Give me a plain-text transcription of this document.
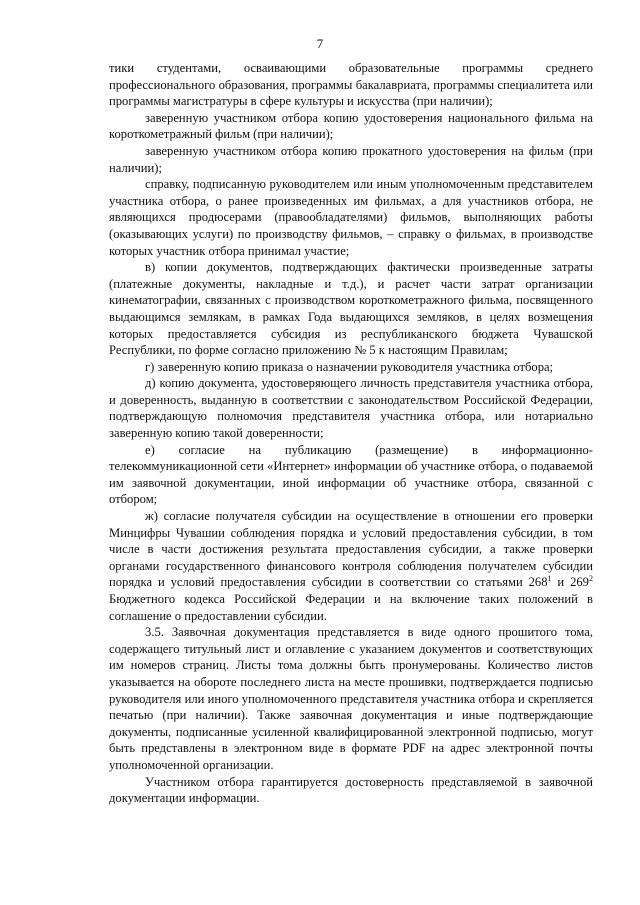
7

тики студентами, осваивающими образовательные программы среднего профессионального образования, программы бакалавриата, программы специалитета или программы магистратуры в сфере культуры и искусства (при наличии);

заверенную участником отбора копию удостоверения национального фильма на короткометражный фильм (при наличии);

заверенную участником отбора копию прокатного удостоверения на фильм (при наличии);

справку, подписанную руководителем или иным уполномоченным представителем участника отбора, о ранее произведенных им фильмах, а для участников отбора, не являющихся продюсерами (правообладателями) фильмов, выполняющих работы (оказывающих услуги) по производству фильмов, – справку о фильмах, в производстве которых участник отбора принимал участие;

в) копии документов, подтверждающих фактически произведенные затраты (платежные документы, накладные и т.д.), и расчет части затрат организации кинематографии, связанных с производством короткометражного фильма, посвященного выдающимся землякам, в рамках Года выдающихся земляков, в целях возмещения которых предоставляется субсидия из республиканского бюджета Чувашской Республики, по форме согласно приложению № 5 к настоящим Правилам;

г) заверенную копию приказа о назначении руководителя участника отбора;

д) копию документа, удостоверяющего личность представителя участника отбора, и доверенность, выданную в соответствии с законодательством Российской Федерации, подтверждающую полномочия представителя участника отбора, или нотариально заверенную копию такой доверенности;

е) согласие на публикацию (размещение) в информационно-телекоммуникационной сети «Интернет» информации об участнике отбора, о подаваемой им заявочной документации, иной информации об участнике отбора, связанной с отбором;

ж) согласие получателя субсидии на осуществление в отношении его проверки Минцифры Чувашии соблюдения порядка и условий предоставления субсидии, в том числе в части достижения результата предоставления субсидии, а также проверки органами государственного финансового контроля соблюдения получателем субсидии порядка и условий предоставления субсидии в соответствии со статьями $268^1$ и $269^2$ Бюджетного кодекса Российской Федерации и на включение таких положений в соглашение о предоставлении субсидии.

3.5. Заявочная документация представляется в виде одного прошитого тома, содержащего титульный лист и оглавление с указанием документов и соответствующих им номеров страниц. Листы тома должны быть пронумерованы. Количество листов указывается на обороте последнего листа на месте прошивки, подтверждается подписью руководителя или иного уполномоченного представителя участника отбора и скрепляется печатью (при наличии). Также заявочная документация и иные подтверждающие документы, подписанные усиленной квалифицированной электронной подписью, могут быть представлены в электронном виде в формате PDF на адрес электронной почты уполномоченной организации.

Участником отбора гарантируется достоверность представляемой в заявочной документации информации.
